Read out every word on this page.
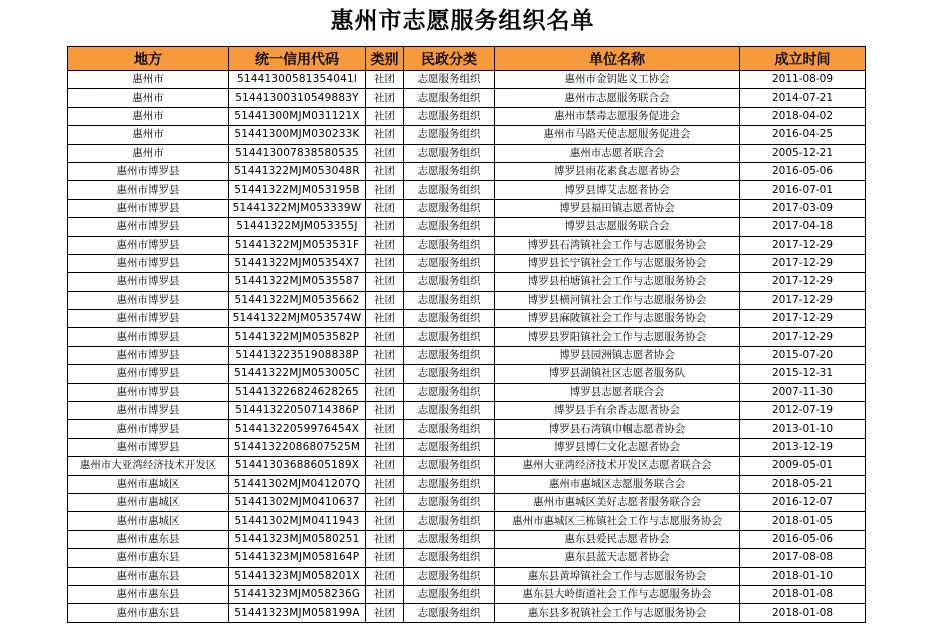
惠州市志愿服务组织名单
地方	统一信用代码	类别	民政分类	单位名称	成立时间
惠州市	51441300581354041l	社团	志愿服务组织	惠州市金钥匙义工协会	2011-08-09
惠州市	51441300310549883Y	社团	志愿服务组织	惠州市志愿服务联合会	2014-07-21
惠州市	51441300MJM031121X	社团	志愿服务组织	惠州市禁毒志愿服务促进会	2018-04-02
惠州市	51441300MJM030233K	社团	志愿服务组织	惠州市马路天使志愿服务促进会	2016-04-25
惠州市	514413007838580535	社团	志愿服务组织	惠州市志愿者联合会	2005-12-21
惠州市博罗县	51441322MJM053048R	社团	志愿服务组织	博罗县雨花素食志愿者协会	2016-05-06
惠州市博罗县	51441322MJM053195B	社团	志愿服务组织	博罗县博艾志愿者协会	2016-07-01
惠州市博罗县	51441322MJM053339W	社团	志愿服务组织	博罗县福田镇志愿者协会	2017-03-09
惠州市博罗县	51441322MJM053355J	社团	志愿服务组织	博罗县志愿服务联合会	2017-04-18
惠州市博罗县	51441322MJM053531F	社团	志愿服务组织	博罗县石湾镇社会工作与志愿服务协会	2017-12-29
惠州市博罗县	51441322MJM05354X7	社团	志愿服务组织	博罗县长宁镇社会工作与志愿服务协会	2017-12-29
惠州市博罗县	51441322MJM0535587	社团	志愿服务组织	博罗县柏塘镇社会工作与志愿服务协会	2017-12-29
惠州市博罗县	51441322MJM0535662	社团	志愿服务组织	博罗县横河镇社会工作与志愿服务协会	2017-12-29
惠州市博罗县	51441322MJM053574W	社团	志愿服务组织	博罗县麻陂镇社会工作与志愿服务协会	2017-12-29
惠州市博罗县	51441322MJM053582P	社团	志愿服务组织	博罗县罗阳镇社会工作与志愿服务协会	2017-12-29
惠州市博罗县	51441322351908838P	社团	志愿服务组织	博罗县园洲镇志愿者协会	2015-07-20
惠州市博罗县	51441322MJM053005C	社团	志愿服务组织	博罗县湖镇社区志愿者服务队	2015-12-31
惠州市博罗县	514413226824628265	社团	志愿服务组织	博罗县志愿者联合会	2007-11-30
惠州市博罗县	51441322050714386P	社团	志愿服务组织	博罗县手有余香志愿者协会	2012-07-19
惠州市博罗县	51441322059976454X	社团	志愿服务组织	博罗县石湾镇巾帼志愿者协会	2013-01-10
惠州市博罗县	51441322086807525M	社团	志愿服务组织	博罗县博仁文化志愿者协会	2013-12-19
惠州市大亚湾经济技术开发区	51441303688605189X	社团	志愿服务组织	惠州大亚湾经济技术开发区志愿者联合会	2009-05-01
惠州市惠城区	51441302MJM041207Q	社团	志愿服务组织	惠州市惠城区志愿服务联合会	2018-05-21
惠州市惠城区	51441302MJM0410637	社团	志愿服务组织	惠州市惠城区美好志愿者服务联合会	2016-12-07
惠州市惠城区	51441302MJM0411943	社团	志愿服务组织	惠州市惠城区三栋镇社会工作与志愿服务协会	2018-01-05
惠州市惠东县	51441323MJM0580251	社团	志愿服务组织	惠东县爱民志愿者协会	2016-05-06
惠州市惠东县	51441323MJM058164P	社团	志愿服务组织	惠东县蓝天志愿者协会	2017-08-08
惠州市惠东县	51441323MJM058201X	社团	志愿服务组织	惠东县黄埠镇社会工作与志愿服务协会	2018-01-10
惠州市惠东县	51441323MJM058236G	社团	志愿服务组织	惠东县大岭街道社会工作与志愿服务协会	2018-01-08
惠州市惠东县	51441323MJM058199A	社团	志愿服务组织	惠东县多祝镇社会工作与志愿服务协会	2018-01-08
